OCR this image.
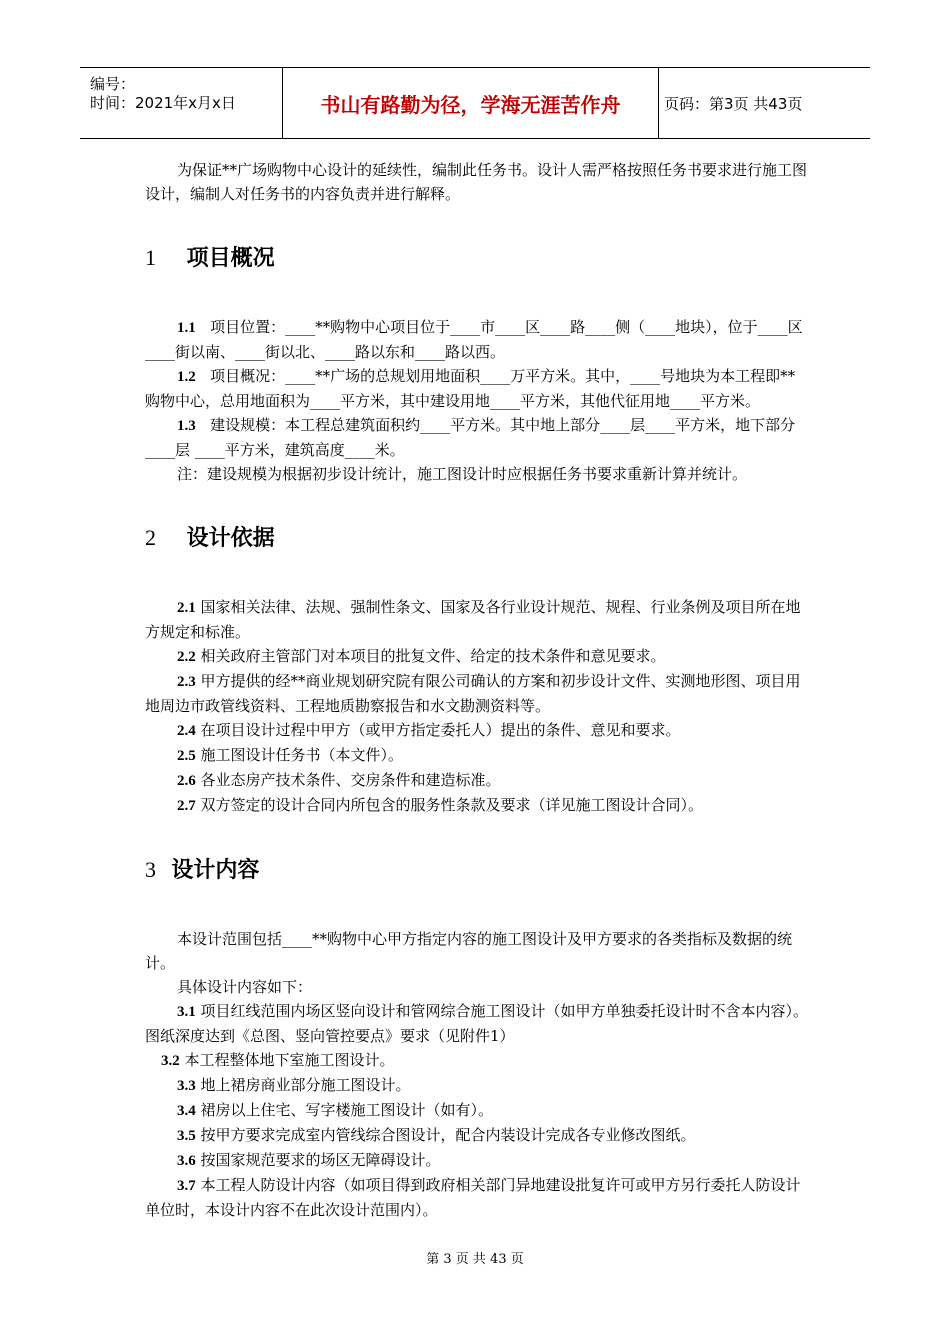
编号：
时间：2021年x月x日	书山有路勤为径，学海无涯苦作舟	页码：第3页 共43页

为保证**广场购物中心设计的延续性，编制此任务书。设计人需严格按照任务书要求进行施工图设计，编制人对任务书的内容负责并进行解释。

1 项目概况

1.1 项目位置：____**购物中心项目位于____市____区____路____侧（____地块），位于____区____街以南、____街以北、____路以东和____路以西。

1.2 项目概况：____**广场的总规划用地面积____万平方米。其中，____号地块为本工程即**购物中心，总用地面积为____平方米，其中建设用地____平方米，其他代征用地____平方米。

1.3 建设规模：本工程总建筑面积约____平方米。其中地上部分____层____平方米，地下部分____层 ____平方米，建筑高度____米。

注：建设规模为根据初步设计统计，施工图设计时应根据任务书要求重新计算并统计。

2 设计依据

2.1 国家相关法律、法规、强制性条文、国家及各行业设计规范、规程、行业条例及项目所在地方规定和标准。

2.2 相关政府主管部门对本项目的批复文件、给定的技术条件和意见要求。

2.3 甲方提供的经**商业规划研究院有限公司确认的方案和初步设计文件、实测地形图、项目用地周边市政管线资料、工程地质勘察报告和水文勘测资料等。

2.4 在项目设计过程中甲方（或甲方指定委托人）提出的条件、意见和要求。

2.5 施工图设计任务书（本文件）。

2.6 各业态房产技术条件、交房条件和建造标准。

2.7 双方签定的设计合同内所包含的服务性条款及要求（详见施工图设计合同）。

3 设计内容

本设计范围包括____**购物中心甲方指定内容的施工图设计及甲方要求的各类指标及数据的统计。

具体设计内容如下：

3.1 项目红线范围内场区竖向设计和管网综合施工图设计（如甲方单独委托设计时不含本内容）。图纸深度达到《总图、竖向管控要点》要求（见附件1）

3.2 本工程整体地下室施工图设计。

3.3 地上裙房商业部分施工图设计。

3.4 裙房以上住宅、写字楼施工图设计（如有）。

3.5 按甲方要求完成室内管线综合图设计，配合内装设计完成各专业修改图纸。

3.6 按国家规范要求的场区无障碍设计。

3.7 本工程人防设计内容（如项目得到政府相关部门异地建设批复许可或甲方另行委托人防设计单位时，本设计内容不在此次设计范围内）。

第 3 页 共 43 页
